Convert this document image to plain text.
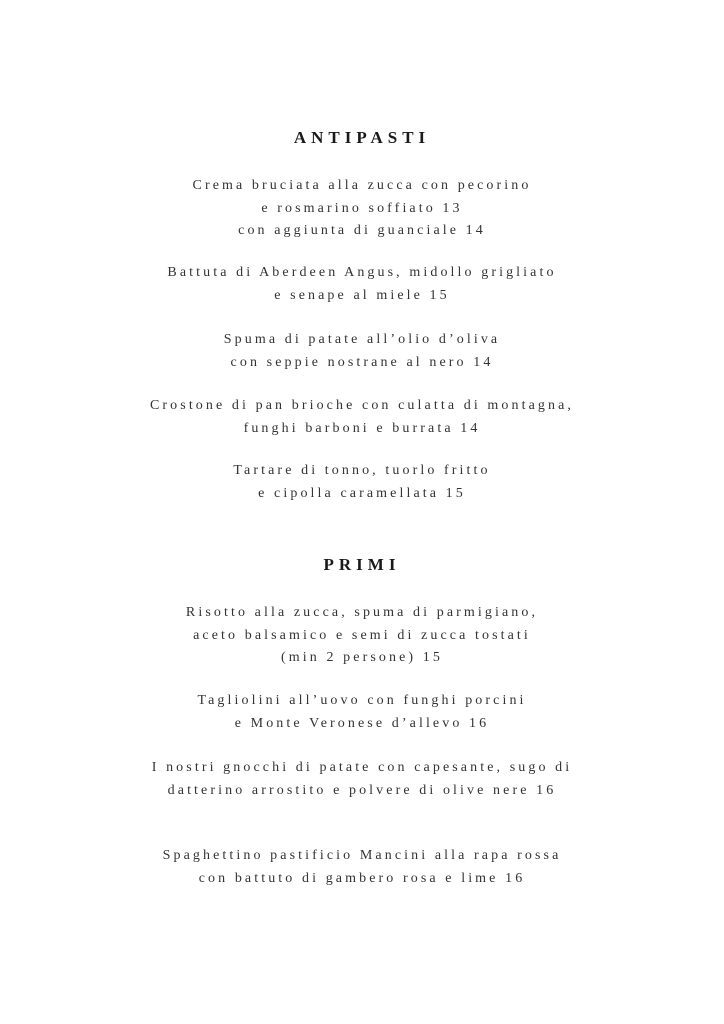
ANTIPASTI
Crema bruciata alla zucca con pecorino
e rosmarino soffiato 13
con aggiunta di guanciale 14
Battuta di Aberdeen Angus, midollo grigliato
e senape al miele 15
Spuma di patate all’olio d’oliva
con seppie nostrane al nero 14
Crostone di pan brioche con culatta di montagna,
funghi barboni e burrata 14
Tartare di tonno, tuorlo fritto
e cipolla caramellata 15
PRIMI
Risotto alla zucca, spuma di parmigiano,
aceto balsamico e semi di zucca tostati
(min 2 persone) 15
Tagliolini all’uovo con funghi porcini
e Monte Veronese d’allevo 16
I nostri gnocchi di patate con capesante, sugo di
datterino arrostito e polvere di olive nere 16
Spaghettino pastificio Mancini alla rapa rossa
con battuto di gambero rosa e lime 16
